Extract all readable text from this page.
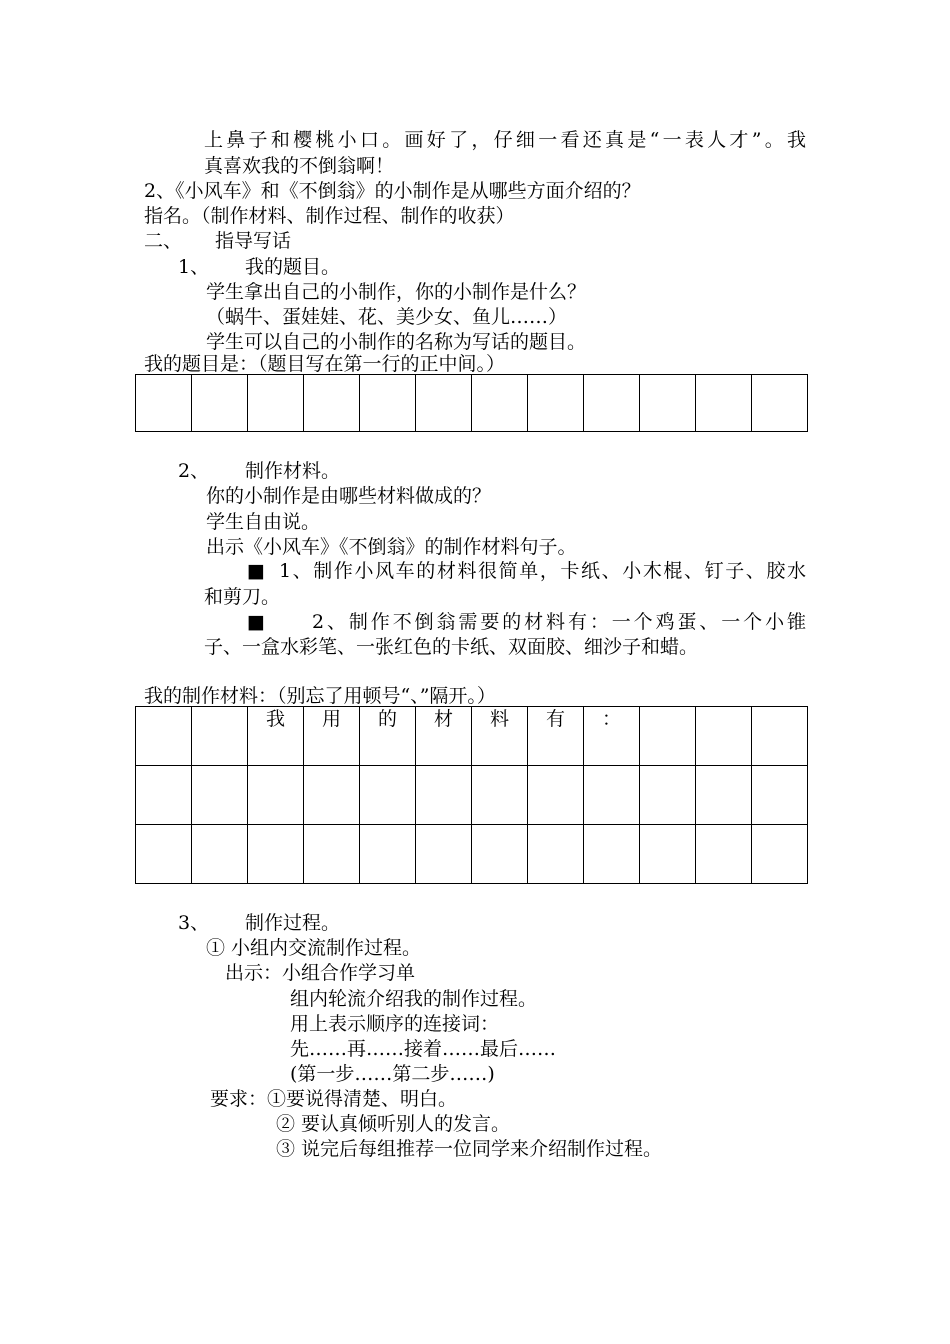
上鼻子和樱桃小口。画好了，仔细一看还真是“一表人才”。我
真喜欢我的不倒翁啊！
2、《小风车》和《不倒翁》的小制作是从哪些方面介绍的？
指名。（制作材料、制作过程、制作的收获）
二、 指导写话
1、 我的题目。
学生拿出自己的小制作，你的小制作是什么？
（蜗牛、蛋娃娃、花、美少女、鱼儿……）
学生可以自己的小制作的名称为写话的题目。
我的题目是：（题目写在第一行的正中间。）

2、 制作材料。
你的小制作是由哪些材料做成的？
学生自由说。
出示《小风车》《不倒翁》的制作材料句子。
■ 1、制作小风车的材料很简单，卡纸、小木棍、钉子、胶水
和剪刀。
■ 2、制作不倒翁需要的材料有：一个鸡蛋、一个小锥
子、一盒水彩笔、一张红色的卡纸、双面胶、细沙子和蜡。
我的制作材料：（别忘了用顿号“、”隔开。）
		我	用	的	材	料	有	：			

3、 制作过程。
① 小组内交流制作过程。
出示：小组合作学习单
组内轮流介绍我的制作过程。
用上表示顺序的连接词：
先……再……接着……最后……
(第一步……第二步……)
要求：①要说得清楚、明白。
② 要认真倾听别人的发言。
③ 说完后每组推荐一位同学来介绍制作过程。
